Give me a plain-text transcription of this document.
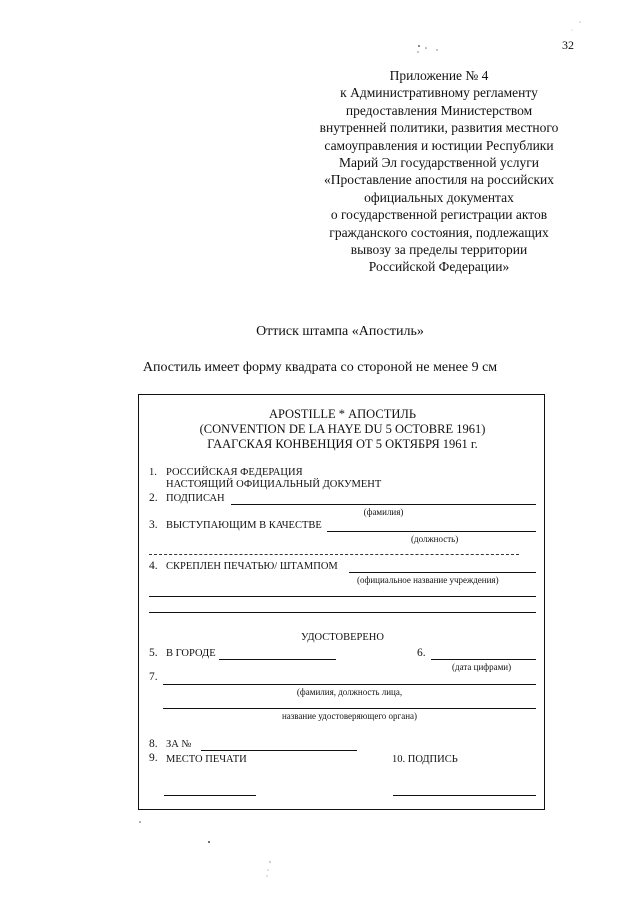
32
Приложение № 4
к Административному регламенту
предоставления Министерством
внутренней политики, развития местного
самоуправления и юстиции Республики
Марий Эл государственной услуги
«Проставление апостиля на российских
официальных документах
о государственной регистрации актов
гражданского состояния, подлежащих
вывозу за пределы территории
Российской Федерации»
Оттиск штампа «Апостиль»
Апостиль имеет форму квадрата со стороной не менее 9 см
APOSTILLE * АПОСТИЛЬ
(CONVENTION DE LA HAYE DU 5 OCTOBRE 1961)
ГААГСКАЯ КОНВЕНЦИЯ ОТ 5 ОКТЯБРЯ 1961 г.
1. РОССИЙСКАЯ ФЕДЕРАЦИЯ
НАСТОЯЩИЙ ОФИЦИАЛЬНЫЙ ДОКУМЕНТ
2. ПОДПИСАН
(фамилия)
3. ВЫСТУПАЮЩИМ В КАЧЕСТВЕ
(должность)
4. СКРЕПЛЕН ПЕЧАТЬЮ/ ШТАМПОМ
(официальное название учреждения)
УДОСТОВЕРЕНО
5. В ГОРОДЕ	6.
(дата цифрами)
7.
(фамилия, должность лица,
название удостоверяющего органа)
8. ЗА №
9. МЕСТО ПЕЧАТИ	10. ПОДПИСЬ
